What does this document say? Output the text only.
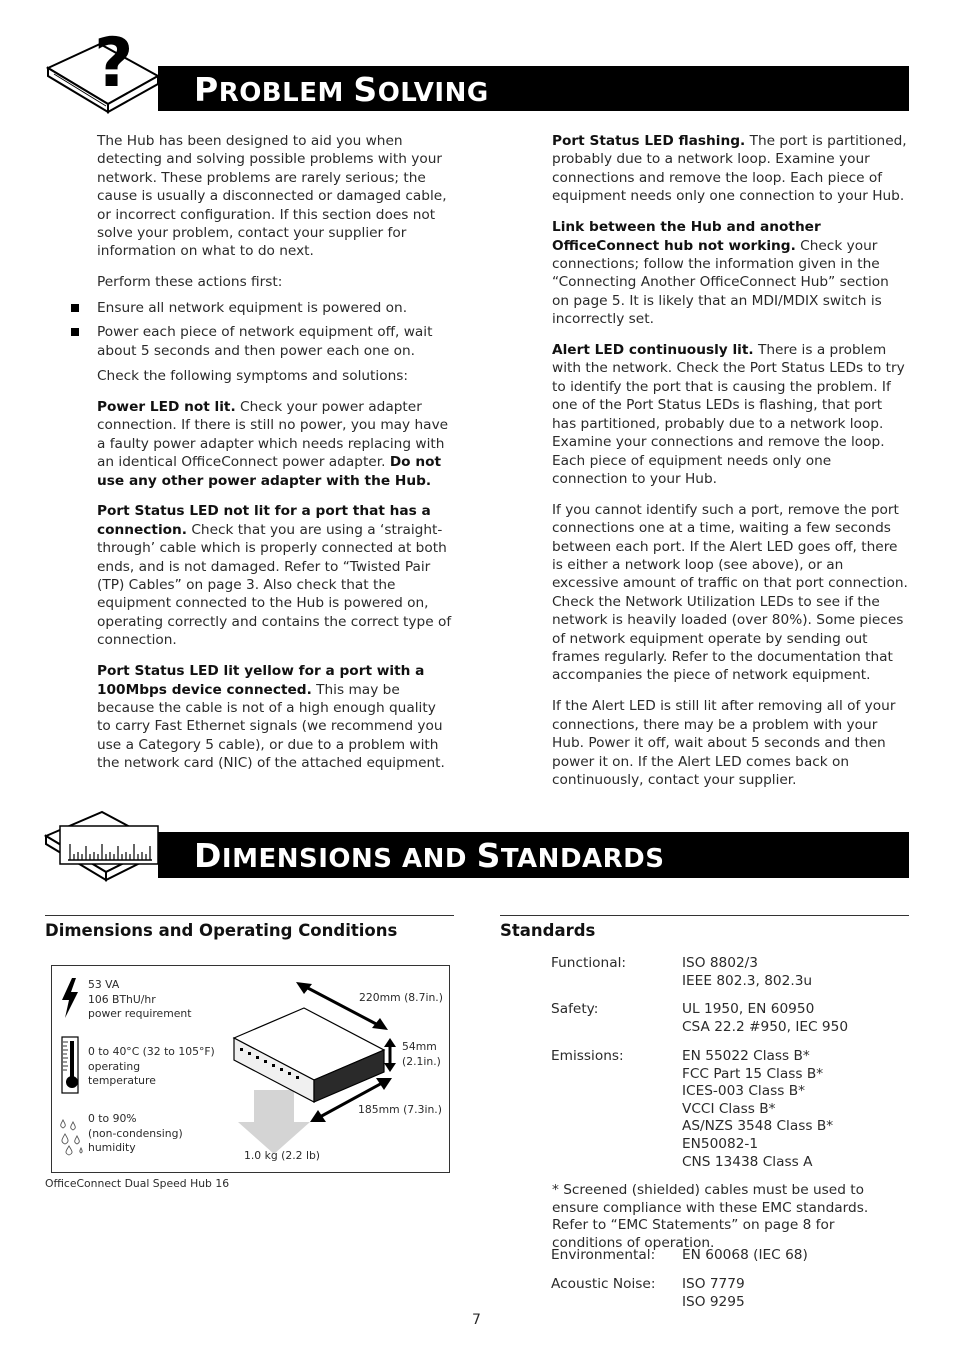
? PROBLEM SOLVING

The Hub has been designed to aid you when detecting and solving possible problems with your network. These problems are rarely serious; the cause is usually a disconnected or damaged cable, or incorrect configuration. If this section does not solve your problem, contact your supplier for information on what to do next.

Perform these actions first:

Ensure all network equipment is powered on.
Power each piece of network equipment off, wait about 5 seconds and then power each one on.

Check the following symptoms and solutions:

Power LED not lit. Check your power adapter connection. If there is still no power, you may have a faulty power adapter which needs replacing with an identical OfficeConnect power adapter. Do not use any other power adapter with the Hub.

Port Status LED not lit for a port that has a connection. Check that you are using a ‘straight-through’ cable which is properly connected at both ends, and is not damaged. Refer to “Twisted Pair (TP) Cables” on page 3. Also check that the equipment connected to the Hub is powered on, operating correctly and contains the correct type of connection.

Port Status LED lit yellow for a port with a 100Mbps device connected. This may be because the cable is not of a high enough quality to carry Fast Ethernet signals (we recommend you use a Category 5 cable), or due to a problem with the network card (NIC) of the attached equipment.

Port Status LED flashing. The port is partitioned, probably due to a network loop. Examine your connections and remove the loop. Each piece of equipment needs only one connection to your Hub.

Link between the Hub and another OfficeConnect hub not working. Check your connections; follow the information given in the “Connecting Another OfficeConnect Hub” section on page 5. It is likely that an MDI/MDIX switch is incorrectly set.

Alert LED continuously lit. There is a problem with the network. Check the Port Status LEDs to try to identify the port that is causing the problem. If one of the Port Status LEDs is flashing, that port has partitioned, probably due to a network loop. Examine your connections and remove the loop. Each piece of equipment needs only one connection to your Hub.

If you cannot identify such a port, remove the port connections one at a time, waiting a few seconds between each port. If the Alert LED goes off, there is either a network loop (see above), or an excessive amount of traffic on that port connection. Check the Network Utilization LEDs to see if the network is heavily loaded (over 80%). Some pieces of network equipment operate by sending out frames regularly. Refer to the documentation that accompanies the piece of network equipment.

If the Alert LED is still lit after removing all of your connections, there may be a problem with your Hub. Power it off, wait about 5 seconds and then power it on. If the Alert LED comes back on continuously, contact your supplier.

DIMENSIONS AND STANDARDS
Dimensions and Operating Conditions
53 VA
106 BThU/hr
power requirement
0 to 40°C (32 to 105°F)
operating
temperature
0 to 90%
(non-condensing)
humidity
220mm (8.7in.)
54mm
(2.1in.)
185mm (7.3in.)
1.0 kg (2.2 lb)
OfficeConnect Dual Speed Hub 16
Standards
Functional:	ISO 8802/3
IEEE 802.3, 802.3u
Safety:	UL 1950, EN 60950
CSA 22.2 #950, IEC 950
Emissions:	EN 55022 Class B*
FCC Part 15 Class B*
ICES-003 Class B*
VCCI Class B*
AS/NZS 3548 Class B*
EN50082-1
CNS 13438 Class A
* Screened (shielded) cables must be used to ensure compliance with these EMC standards. Refer to “EMC Statements” on page 8 for conditions of operation.
Environmental: EN 60068 (IEC 68)
Acoustic Noise: ISO 7779
ISO 9295
7
